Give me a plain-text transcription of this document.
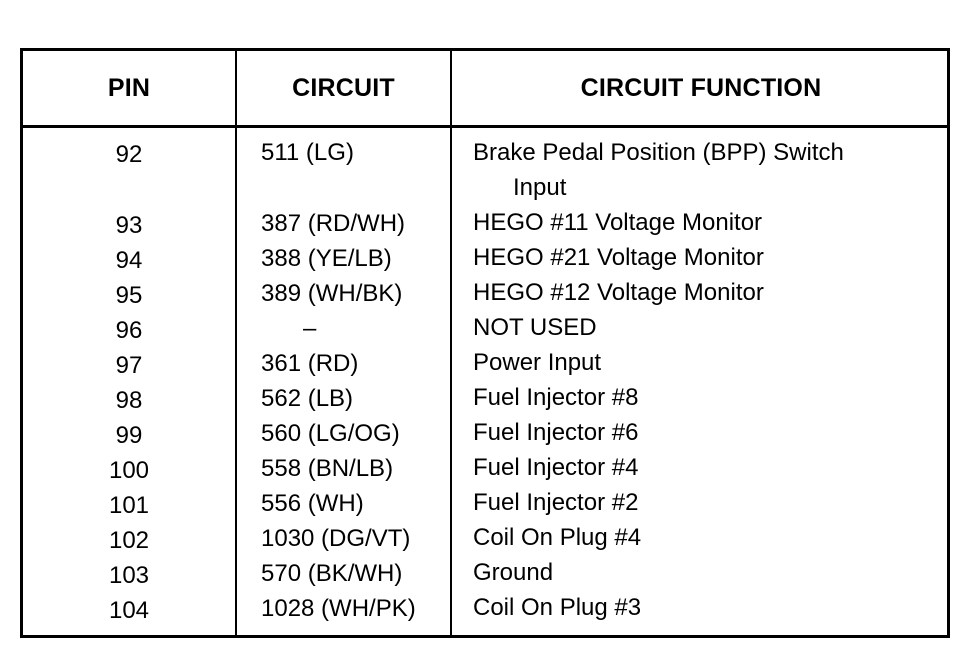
PIN	CIRCUIT	CIRCUIT FUNCTION
92
93
94
95
96
97
98
99
100
101
102
103
104
511 (LG)
387 (RD/WH)
388 (YE/LB)
389 (WH/BK)
–
361 (RD)
562 (LB)
560 (LG/OG)
558 (BN/LB)
556 (WH)
1030 (DG/VT)
570 (BK/WH)
1028 (WH/PK)
Brake Pedal Position (BPP) Switch
Input
HEGO #11 Voltage Monitor
HEGO #21 Voltage Monitor
HEGO #12 Voltage Monitor
NOT USED
Power Input
Fuel Injector #8
Fuel Injector #6
Fuel Injector #4
Fuel Injector #2
Coil On Plug #4
Ground
Coil On Plug #3
